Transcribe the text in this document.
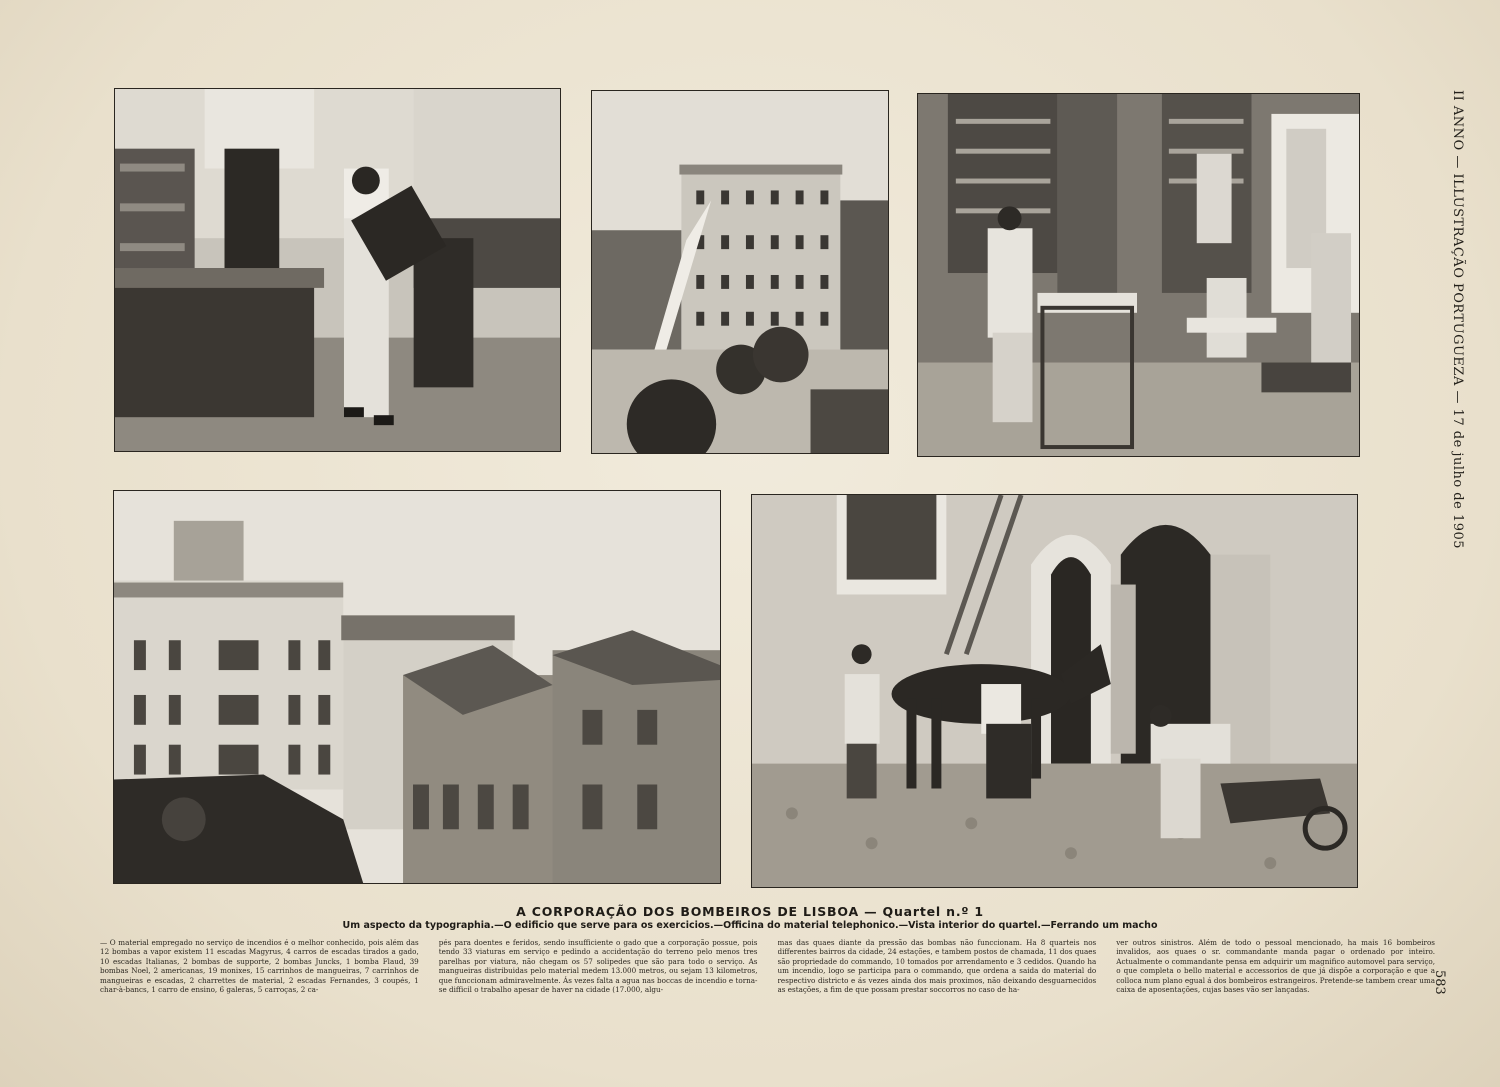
II ANNO — ILLUSTRAÇÃO PORTUGUEZA — 17 de julho de 1905
583
A CORPORAÇÃO DOS BOMBEIROS DE LISBOA — Quartel n.º 1
Um aspecto da typographia.—O edificio que serve para os exercicios.—Officina do material telephonico.—Vista interior do quartel.—Ferrando um macho
— O material empregado no serviço de incendios é o melhor conhecido, pois além das 12 bombas a vapor existem 11 escadas Magyrus, 4 carros de escadas tirados a gado, 10 escadas Italianas, 2 bombas de supporte, 2 bombas Juncks, 1 bomba Flaud, 39 bombas Noel, 2 americanas, 19 monixes, 15 carrinhos de mangueiras, 7 carrinhos de mangueiras e escadas, 2 charrettes de material, 2 escadas Fernandes, 3 coupés, 1 char-à-bancs, 1 carro de ensino, 6 galeras, 5 carroças, 2 ca-
pés para doentes e feridos, sendo insufficiente o gado que a corporação possue, pois tendo 33 viaturas em serviço e pedindo a accidentação do terreno pelo menos tres parelhas por viatura, não chegam os 57 solipedes que são para todo o serviço. As mangueiras distribuidas pelo material medem 13.000 metros, ou sejam 13 kilometros, que funccionam admiravelmente. Ás vezes falta a agua nas boccas de incendio e torna-se difficil o trabalho apesar de haver na cidade (17.000, algu-
mas das quaes diante da pressão das bombas não funccionam. Ha 8 quarteis nos differentes bairros da cidade, 24 estações, e tambem postos de chamada, 11 dos quaes são propriedade do commando, 10 tomados por arrendamento e 3 cedidos. Quando ha um incendio, logo se participa para o commando, que ordena a saida do material do respectivo districto e ás vezes ainda dos mais proximos, não deixando desguarnecidos as estações, a fim de que possam prestar soccorros no caso de ha-
ver outros sinistros. Além de todo o pessoal mencionado, ha mais 16 bombeiros invalidos, aos quaes o sr. commandante manda pagar o ordenado por inteiro. Actualmente o commandante pensa em adquirir um magnifico automovel para serviço, o que completa o bello material e accessorios de que já dispõe a corporação e que a colloca num plano egual á dos bombeiros estrangeiros. Pretende-se tambem crear uma caixa de aposentações, cujas bases vão ser lançadas.
